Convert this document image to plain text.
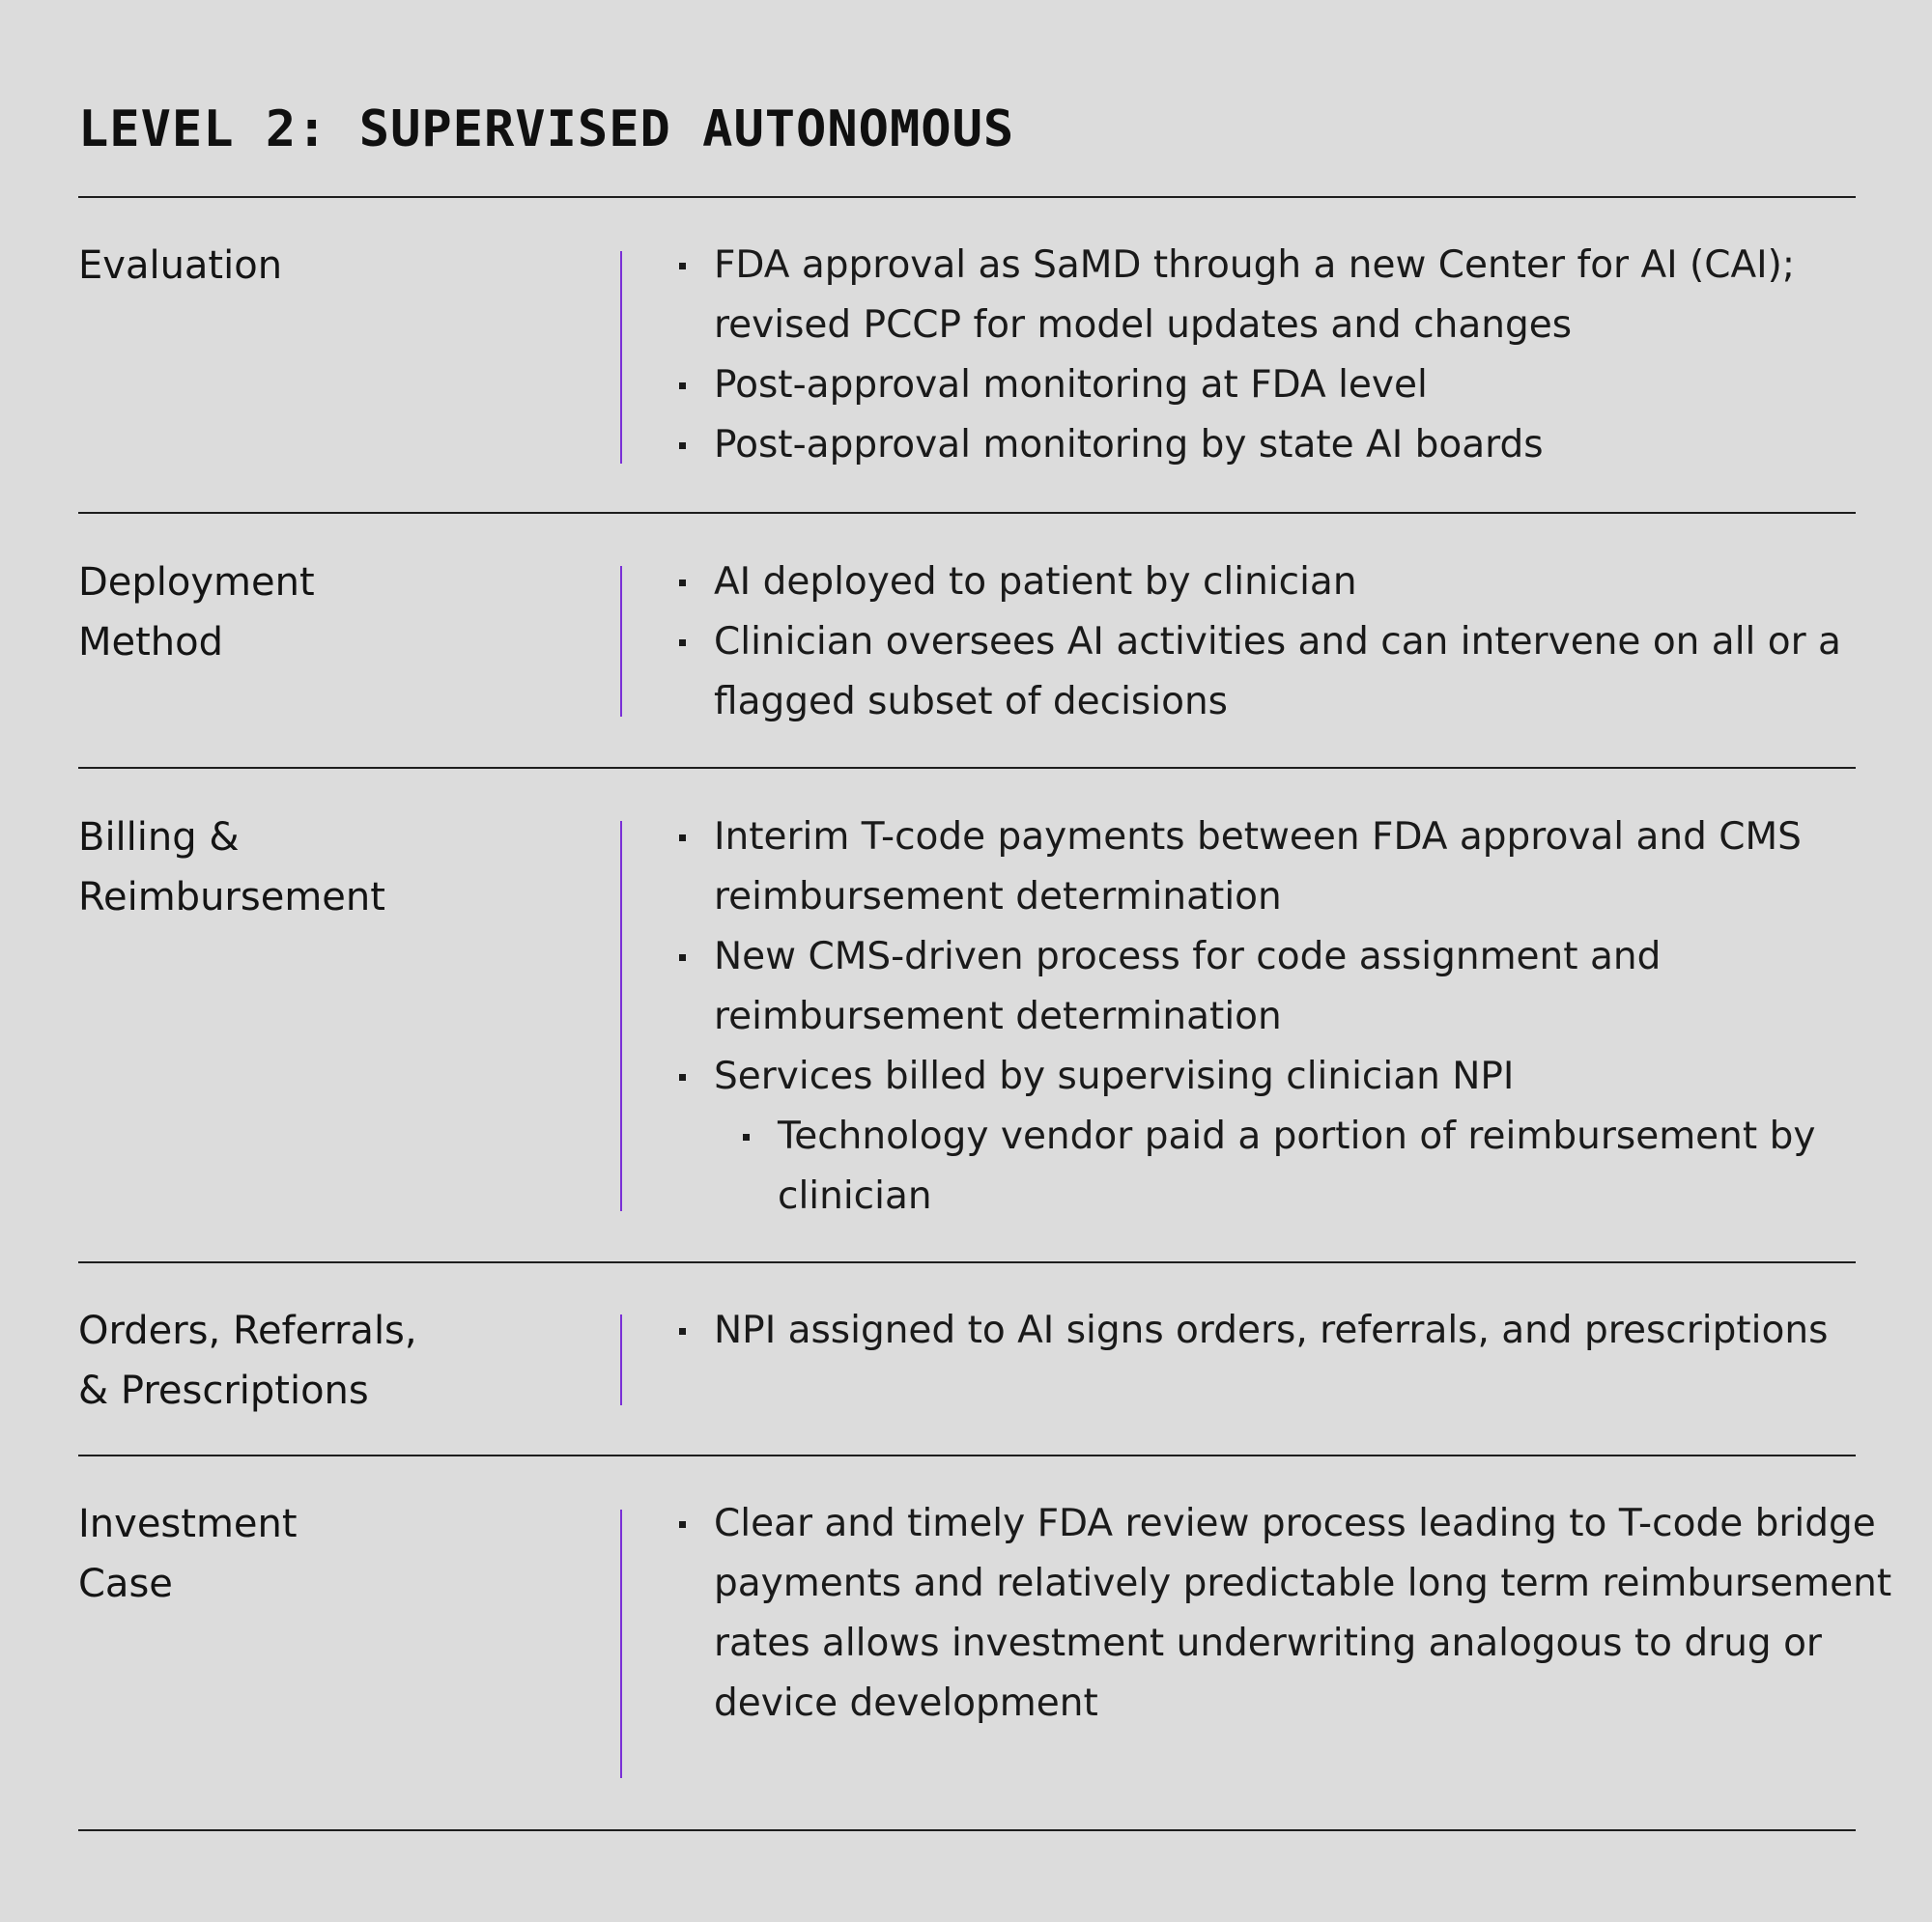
LEVEL 2: SUPERVISED AUTONOMOUS
Evaluation	FDA approval as SaMD through a new Center for AI (CAI); revised PCCP for model updates and changes
Post-approval monitoring at FDA level
Post-approval monitoring by state AI boards
Deployment
Method
AI deployed to patient by clinician
Clinician oversees AI activities and can intervene on all or a flagged subset of decisions
Billing &
Reimbursement
Interim T-code payments between FDA approval and CMS reimbursement determination
New CMS-driven process for code assignment and reimbursement determination
Services billed by supervising clinician NPI
Technology vendor paid a portion of reimbursement by clinician
Orders, Referrals,
& Prescriptions
NPI assigned to AI signs orders, referrals, and prescriptions
Investment
Case
Clear and timely FDA review process leading to T-code bridge payments and relatively predictable long term reimbursement rates allows investment underwriting analogous to drug or device development
